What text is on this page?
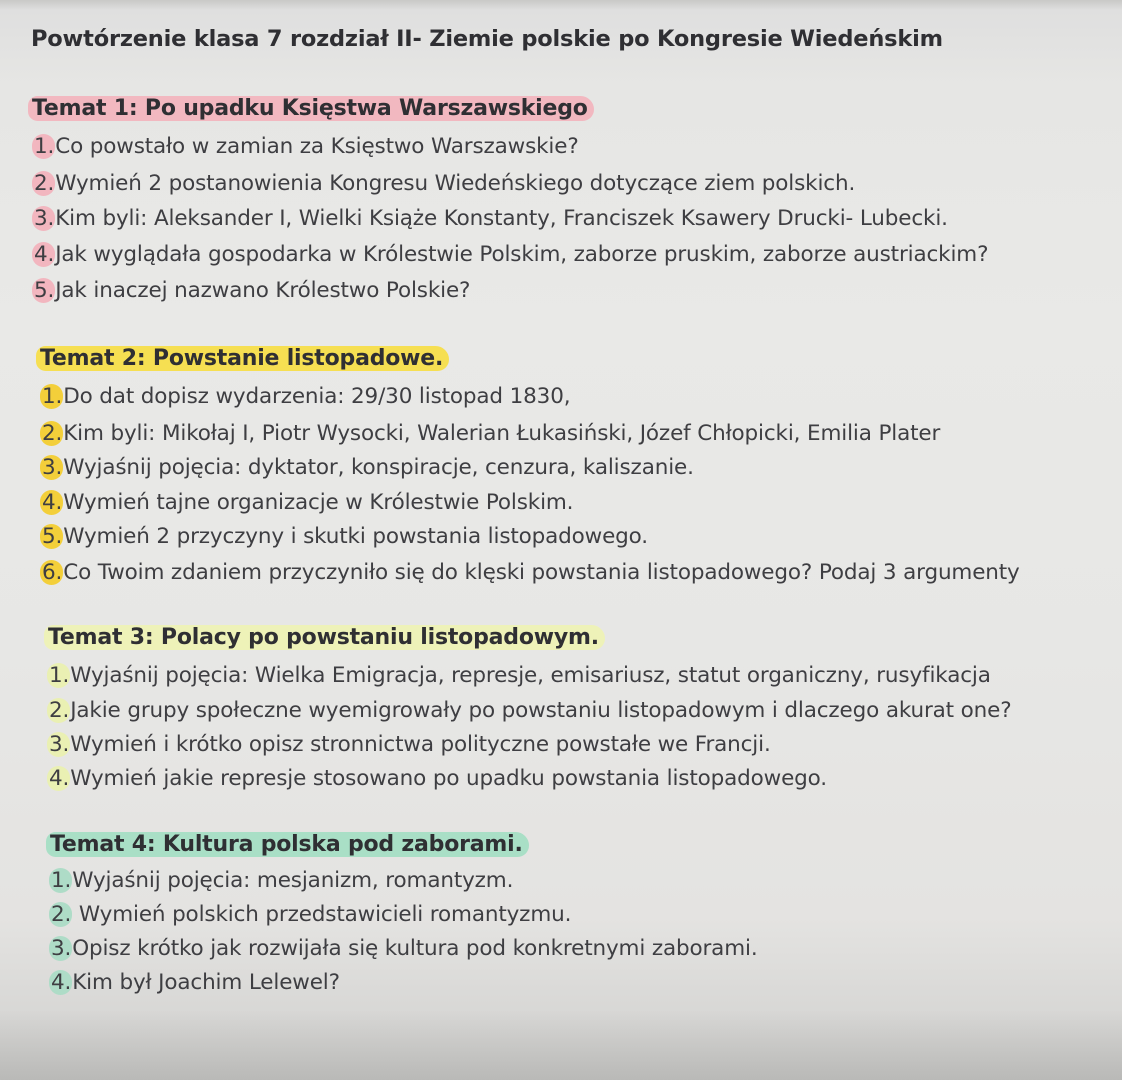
Powtórzenie klasa 7 rozdział II- Ziemie polskie po Kongresie Wiedeńskim
Temat 1: Po upadku Księstwa Warszawskiego
1.Co powstało w zamian za Księstwo Warszawskie?
2.Wymień 2 postanowienia Kongresu Wiedeńskiego dotyczące ziem polskich.
3.Kim byli: Aleksander I, Wielki Książe Konstanty, Franciszek Ksawery Drucki- Lubecki.
4.Jak wyglądała gospodarka w Królestwie Polskim, zaborze pruskim, zaborze austriackim?
5.Jak inaczej nazwano Królestwo Polskie?
Temat 2: Powstanie listopadowe.
1.Do dat dopisz wydarzenia: 29/30 listopad 1830,
2.Kim byli: Mikołaj I, Piotr Wysocki, Walerian Łukasiński, Józef Chłopicki, Emilia Plater
3.Wyjaśnij pojęcia: dyktator, konspiracje, cenzura, kaliszanie.
4.Wymień tajne organizacje w Królestwie Polskim.
5.Wymień 2 przyczyny i skutki powstania listopadowego.
6.Co Twoim zdaniem przyczyniło się do klęski powstania listopadowego? Podaj 3 argumenty
Temat 3: Polacy po powstaniu listopadowym.
1.Wyjaśnij pojęcia: Wielka Emigracja, represje, emisariusz, statut organiczny, rusyfikacja
2.Jakie grupy społeczne wyemigrowały po powstaniu listopadowym i dlaczego akurat one?
3.Wymień i krótko opisz stronnictwa polityczne powstałe we Francji.
4.Wymień jakie represje stosowano po upadku powstania listopadowego.
Temat 4: Kultura polska pod zaborami.
1.Wyjaśnij pojęcia: mesjanizm, romantyzm.
2. Wymień polskich przedstawicieli romantyzmu.
3.Opisz krótko jak rozwijała się kultura pod konkretnymi zaborami.
4.Kim był Joachim Lelewel?
